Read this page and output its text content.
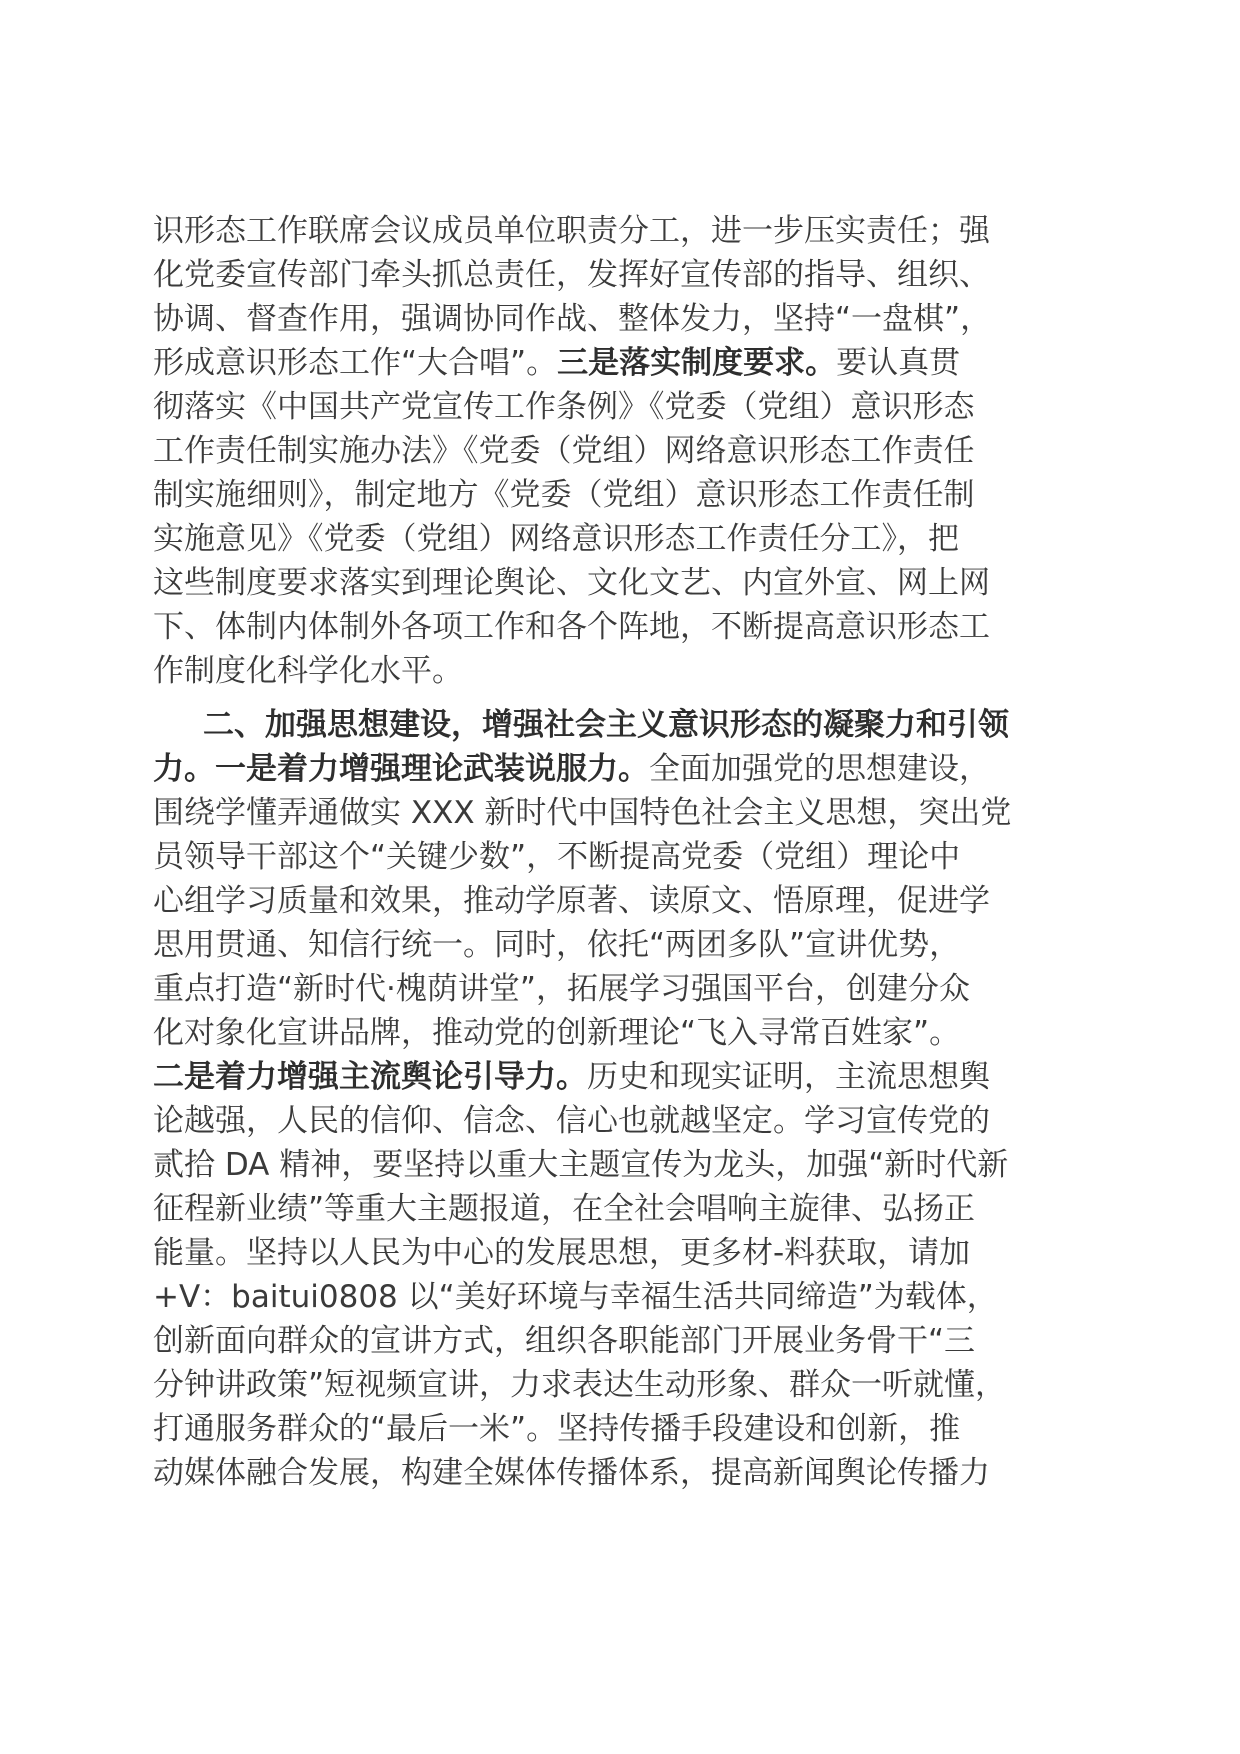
识形态工作联席会议成员单位职责分工，进一步压实责任；强
化党委宣传部门牵头抓总责任，发挥好宣传部的指导、组织、
协调、督查作用，强调协同作战、整体发力，坚持“一盘棋”，
形成意识形态工作“大合唱”。三是落实制度要求。要认真贯
彻落实《中国共产党宣传工作条例》《党委（党组）意识形态
工作责任制实施办法》《党委（党组）网络意识形态工作责任
制实施细则》，制定地方《党委（党组）意识形态工作责任制
实施意见》《党委（党组）网络意识形态工作责任分工》，把
这些制度要求落实到理论舆论、文化文艺、内宣外宣、网上网
下、体制内体制外各项工作和各个阵地，不断提高意识形态工
作制度化科学化水平。
二、加强思想建设，增强社会主义意识形态的凝聚力和引领
力。一是着力增强理论武装说服力。全面加强党的思想建设，
围绕学懂弄通做实 XXX 新时代中国特色社会主义思想，突出党
员领导干部这个“关键少数”，不断提高党委（党组）理论中
心组学习质量和效果，推动学原著、读原文、悟原理，促进学
思用贯通、知信行统一。同时，依托“两团多队”宣讲优势，
重点打造“新时代·槐荫讲堂”，拓展学习强国平台，创建分众
化对象化宣讲品牌，推动党的创新理论“飞入寻常百姓家”。
二是着力增强主流舆论引导力。历史和现实证明，主流思想舆
论越强，人民的信仰、信念、信心也就越坚定。学习宣传党的
贰拾 DA 精神，要坚持以重大主题宣传为龙头，加强“新时代新
征程新业绩”等重大主题报道，在全社会唱响主旋律、弘扬正
能量。坚持以人民为中心的发展思想，更多材-料获取，请加
+V：baitui0808 以“美好环境与幸福生活共同缔造”为载体，
创新面向群众的宣讲方式，组织各职能部门开展业务骨干“三
分钟讲政策”短视频宣讲，力求表达生动形象、群众一听就懂，
打通服务群众的“最后一米”。坚持传播手段建设和创新，推
动媒体融合发展，构建全媒体传播体系，提高新闻舆论传播力
